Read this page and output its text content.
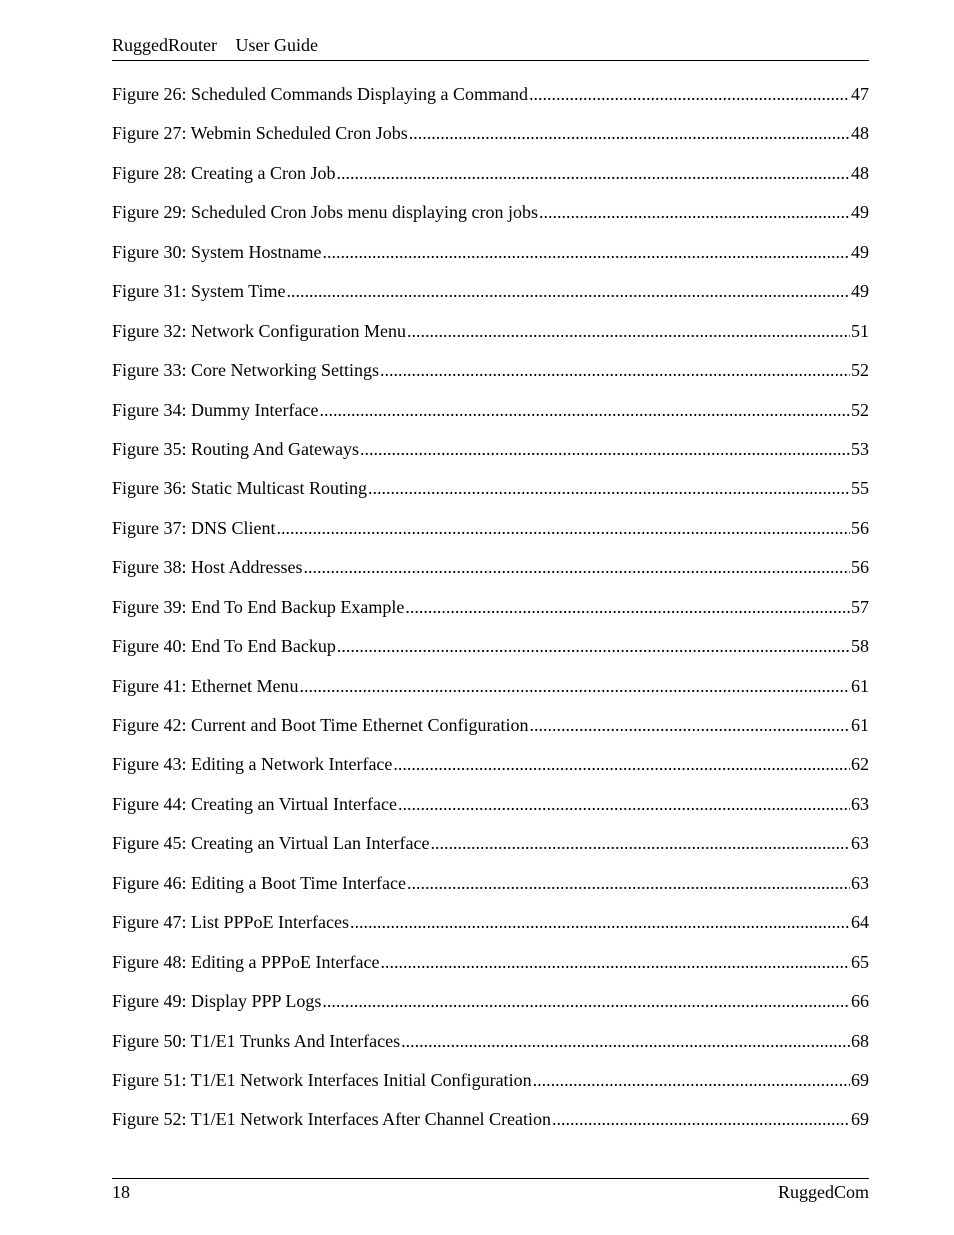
RuggedRouter User Guide
Figure 26: Scheduled Commands Displaying a Command .....	47
Figure 27: Webmin Scheduled Cron Jobs .....	48
Figure 28: Creating a Cron Job .....	48
Figure 29: Scheduled Cron Jobs menu displaying cron jobs .....	49
Figure 30: System Hostname .....	49
Figure 31: System Time .....	49
Figure 32: Network Configuration Menu .....	51
Figure 33: Core Networking Settings .....	52
Figure 34: Dummy Interface .....	52
Figure 35: Routing And Gateways .....	53
Figure 36: Static Multicast Routing .....	55
Figure 37: DNS Client .....	56
Figure 38: Host Addresses .....	56
Figure 39: End To End Backup Example .....	57
Figure 40: End To End Backup .....	58
Figure 41: Ethernet Menu .....	61
Figure 42: Current and Boot Time Ethernet Configuration .....	61
Figure 43: Editing a Network Interface .....	62
Figure 44: Creating an Virtual Interface .....	63
Figure 45: Creating an Virtual Lan Interface .....	63
Figure 46: Editing a Boot Time Interface .....	63
Figure 47: List PPPoE Interfaces .....	64
Figure 48: Editing a PPPoE Interface .....	65
Figure 49: Display PPP Logs .....	66
Figure 50: T1/E1 Trunks And Interfaces .....	68
Figure 51: T1/E1 Network Interfaces Initial Configuration .....	69
Figure 52: T1/E1 Network Interfaces After Channel Creation .....	69
18	RuggedCom
